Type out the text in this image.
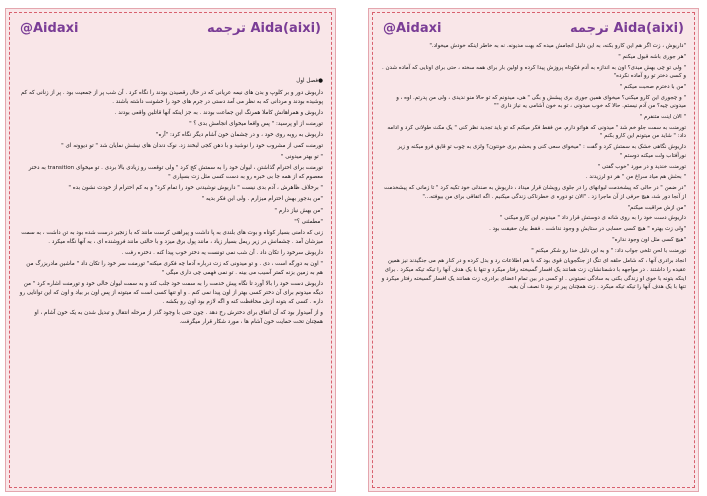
@Aidaxi	ترجمه Aida(aixi)

●فصل اول

داریوش دور و بر کلوپ و بدن های نیمه عریانی که در حال رقصیدن بودند را نگاه کرد . آن شب پر از جمعیت بود . پر از زنانی که کم پوشیده بودند و مردانی که به نظر می آمد دستی در جرم های خود را خشونت داشته باشند .

داریوش و همراهانش کاملا همرنگ این جماعت بودند . به جز اینکه آنها قاتلین واقعی بودند .

تورمنت از او پرسید: " پس واقعا میخوای انجامش بدی ؟ "

داریوش به روبه روی خود ، و در چشمان خون آشام دیگر نگاه کرد: "آره"

تورمنت کمی از مشروب خود را نوشید و با دهن کجی لبخند زد. نوک دندان های نیشش نمایان شد " تو دیوونه ای "

" تو بهتر میدونی "

تورمنت برای احترام گذاشتن ، لیوان خود را به سمتش کج کرد " ولی توقعت رو زیادی بالا بردی . تو میخوای transition به دختر معصوم که از همه جا بی خبره رو به دست کسی مثل زت بسپاری "

" برخلاف ظاهرش ، آدم بدی نیست " داریوش نوشیدنی خود را تمام کرد" و به کم احترام از خودت نشون بده "

"من بدجور بهش احترام میزارم . ولی این فکر بدیه "

"من بهش نیاز دارم "

"مطمئنی ؟"

زنی که دامنی بسیار کوتاه و بوت های بلندی به پا داشت و پیراهنی کرست مانند که با زنجیر درست شده بود به تن داشت ، به سمت میزشان آمد . چشمانش در زیر ریمل بسیار زیاد ، مانند پول برق میزد و با حالتی مانند فروشنده ای ، به آنها نگاه میکرد .

داریوش سرخود را تکان داد . آن شب نمی تونست یه دختر خوب پیدا کنه . دختره رفت .

" اون به دورگه است ، دی . و تو میدونی که زت درباره آدما چه فکری میکنه" تورمنت سر خود را تکان داد " ماشین مادربزرگ من هم به زمین بزنه کمتر آسیب می بینه . تو نمی فهمی چی داری میگی "

داریوش دست خود را بالا آورد تا نگاه پیش خدمت را به سمت خود جلب کند و به سمت لیوان خالی خود و تورمنت اشاره کرد " من دیگه میدونم برای آن دختر کسی بهتر از اون پیدا نمی کنم . و او تنها کسی است که میتونه از پس اون بر بیاد و اون که این توانایی رو داره . کسی که بتونه ازش محافظت کنه و اگه لازم بود اون رو بکشه .

و از آمیدوار بود که آن اتفاق برای دخترش رخ دهد . چون حتی با وجود گذر از مرحله انتقال و تبدیل شدن به یک خون آشام ، او همچنان تحت حمایت خون آشام ها ، مورد شکار قرار میگرفت.

@Aidaxi	ترجمه Aida(aixi)

"داریوش ، زت اگر هم این کارو بکنه، به این دلیل انجامش میده که بهت مدیونه. نه به خاطر اینکه خودش میخواد."

"هر جوری باشه قبول میکنم "

" ولی تو چی بهش میدی؟ اون به اندازه به آدم فکوتاه پروزش پیدا کرده و اولین بار برای همه سخته ، حتی برای اونایی که آماده شدن . و کسی دختر تو رو آماده نکرده"

"من با دخترم صحبت میکنم "

" و چجوری این کارو میکنی؟ میخوای همین جوری بری پیشش و بگی " هی، میدونم که تو حالا منو ندیدی ، ولی من پدرتم. اوه ، و میدونی چیه؟ من آدم نیستم. حالا که خوب میدونی ، تو به خون آشامی یه نیاز داری ""

" الان اینت متنفرم "

تورمنت به سمت جلو خم شد " میدونی که هواتو دارم. من فقط فکر میکنم که تو باید تجدید نظر کنی " یک مکث طولانی کرد و ادامه داد: " شاید من میتونم این کارو بکنم "

داریوش نگاهی خشک به سمتش کرد و گفت : "میخوای سعی کنی و بحشم بری خونتون؟ ولزی به چوب تو قایق فرو میکنه و زیر نورآفتاب ولت میکنه دوستم "

تورمنت خندید و در مورد "خوب گفتی "

" بحثش هم میاد سراغ من " هر دو لرزیدند .

"در ضمن " در حالی که پیشخدمت لیوانهای را در جلوی رویشان قرار میداد ، داریوش به صندلی خود تکیه کرد " تا زمانی که پیشخدمت از آنجا دور شد، هیچ حرفی از آن ماجرا زد . "الان تو دوره ی خطرناکی زندگی میکنیم . اگه اتفاقی برای من بیوفته..."

"من ازش مراقبت میکنم"

داریوش دست خود را به روی شانه ی دوستش قرار داد " میدونم این کارو میکنی "

"ولی زت بهتره " هیچ کسی حسابی در ستایش و وجود نداشت . فقط بیان حقیقت بود .

"هیچ کسی مثل اون وجود نداره"

تورمنت با لحن تلخی جواب داد: " و به این دلیل خدا رو شکر میکنم "

انجاد برادری آنها ، که شامل حلقه ای تنگ از جنگجویان قوی بود که با هم اطلاعات رد و بدل کرده و در کنار هم می جنگیدند نیز همین عقیده را داشتند . در مواجهه با دشمنانشان، زت همانند یک افسار گسیخته رفتار میکرد و تنها با یک هدف آنها را تیکه تیکه میکرد . برای اینکه بتونه با خوی او زندگی بکنی به سادگی نمیتونی . او کسی در بین تمام اعضای برادری، زت همانند یک افسار گسیخته رفتار میکرد و تنها با یک هدف آنها را تیکه تیکه میکرد . زت همچنان پیر تر بود تا نصف آن بقیه.
